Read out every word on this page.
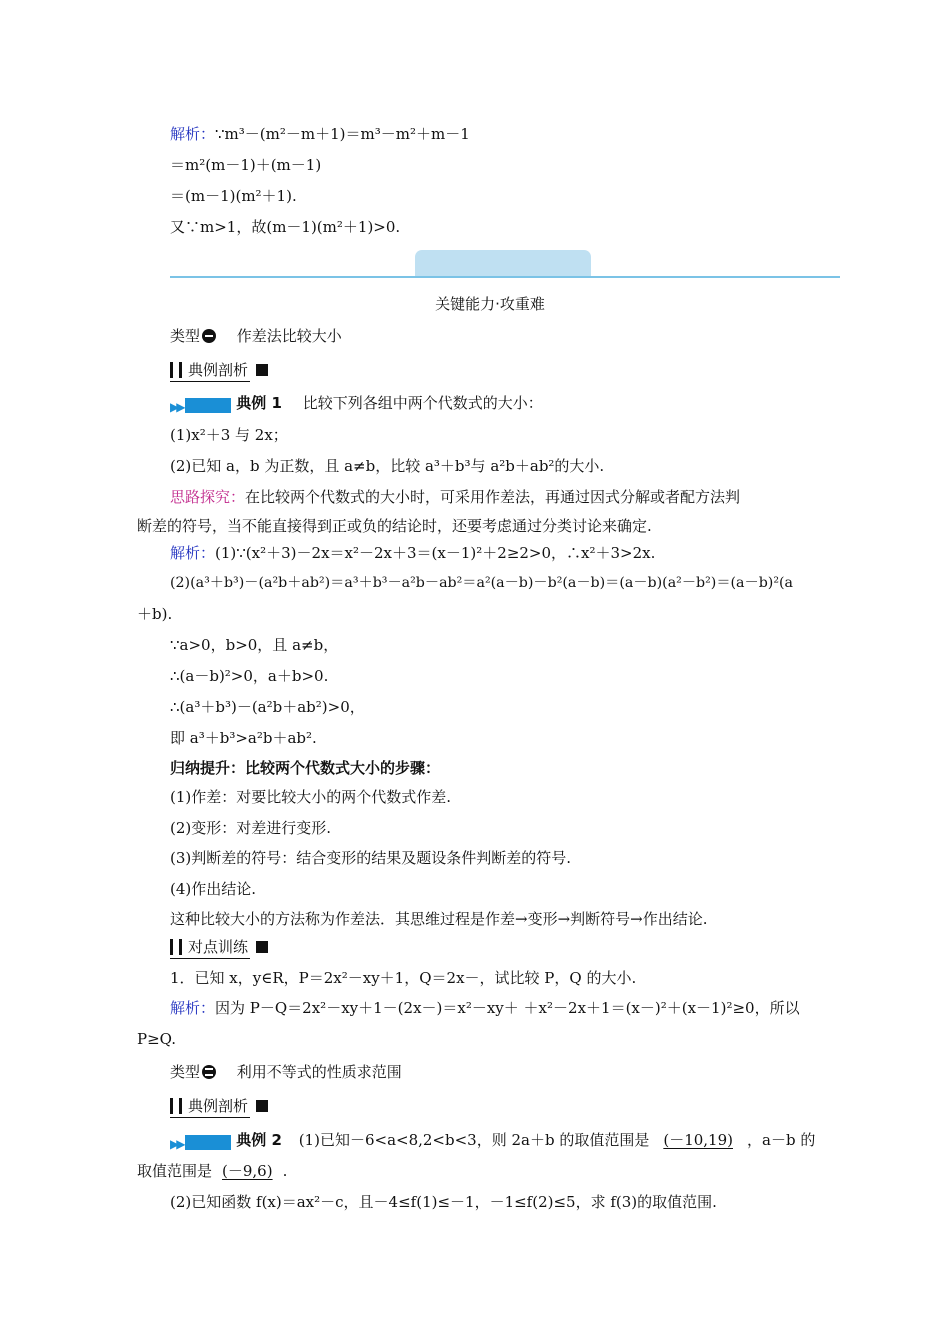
解析：∵m³－(m²－m＋1)＝m³－m²＋m－1
＝m²(m－1)＋(m－1)
＝(m－1)(m²＋1).
又∵m>1，故(m－1)(m²＋1)>0.
关键能力·攻重难
类型 作差法比较大小
典例剖析
▶▶	典例 1 比较下列各组中两个代数式的大小：
(1)x²＋3 与 2x；
(2)已知 a，b 为正数，且 a≠b，比较 a³＋b³与 a²b＋ab²的大小.
思路探究：在比较两个代数式的大小时，可采用作差法，再通过因式分解或者配方法判
断差的符号，当不能直接得到正或负的结论时，还要考虑通过分类讨论来确定.
解析：(1)∵(x²＋3)－2x＝x²－2x＋3＝(x－1)²＋2≥2>0，∴x²＋3>2x.
(2)(a³＋b³)－(a²b＋ab²)＝a³＋b³－a²b－ab²＝a²(a－b)－b²(a－b)＝(a－b)(a²－b²)＝(a－b)²(a
＋b).
∵a>0，b>0，且 a≠b，
∴(a－b)²>0，a＋b>0.
∴(a³＋b³)－(a²b＋ab²)>0，
即 a³＋b³>a²b＋ab².
归纳提升：比较两个代数式大小的步骤：
(1)作差：对要比较大小的两个代数式作差.
(2)变形：对差进行变形.
(3)判断差的符号：结合变形的结果及题设条件判断差的符号.
(4)作出结论.
这种比较大小的方法称为作差法．其思维过程是作差→变形→判断符号→作出结论.
对点训练
1．已知 x，y∈R，P＝2x²－xy＋1，Q＝2x－，试比较 P，Q 的大小.
解析：因为 P－Q＝2x²－xy＋1－(2x－)＝x²－xy＋ ＋x²－2x＋1＝(x－)²＋(x－1)²≥0，所以
P≥Q.
类型 利用不等式的性质求范围
典例剖析
▶▶	典例 2 (1)已知－6<a<8,2<b<3，则 2a＋b 的取值范围是 (－10,19) ，a－b 的
取值范围是 (－9,6) .
(2)已知函数 f(x)＝ax²－c，且－4≤f(1)≤－1，－1≤f(2)≤5，求 f(3)的取值范围.
